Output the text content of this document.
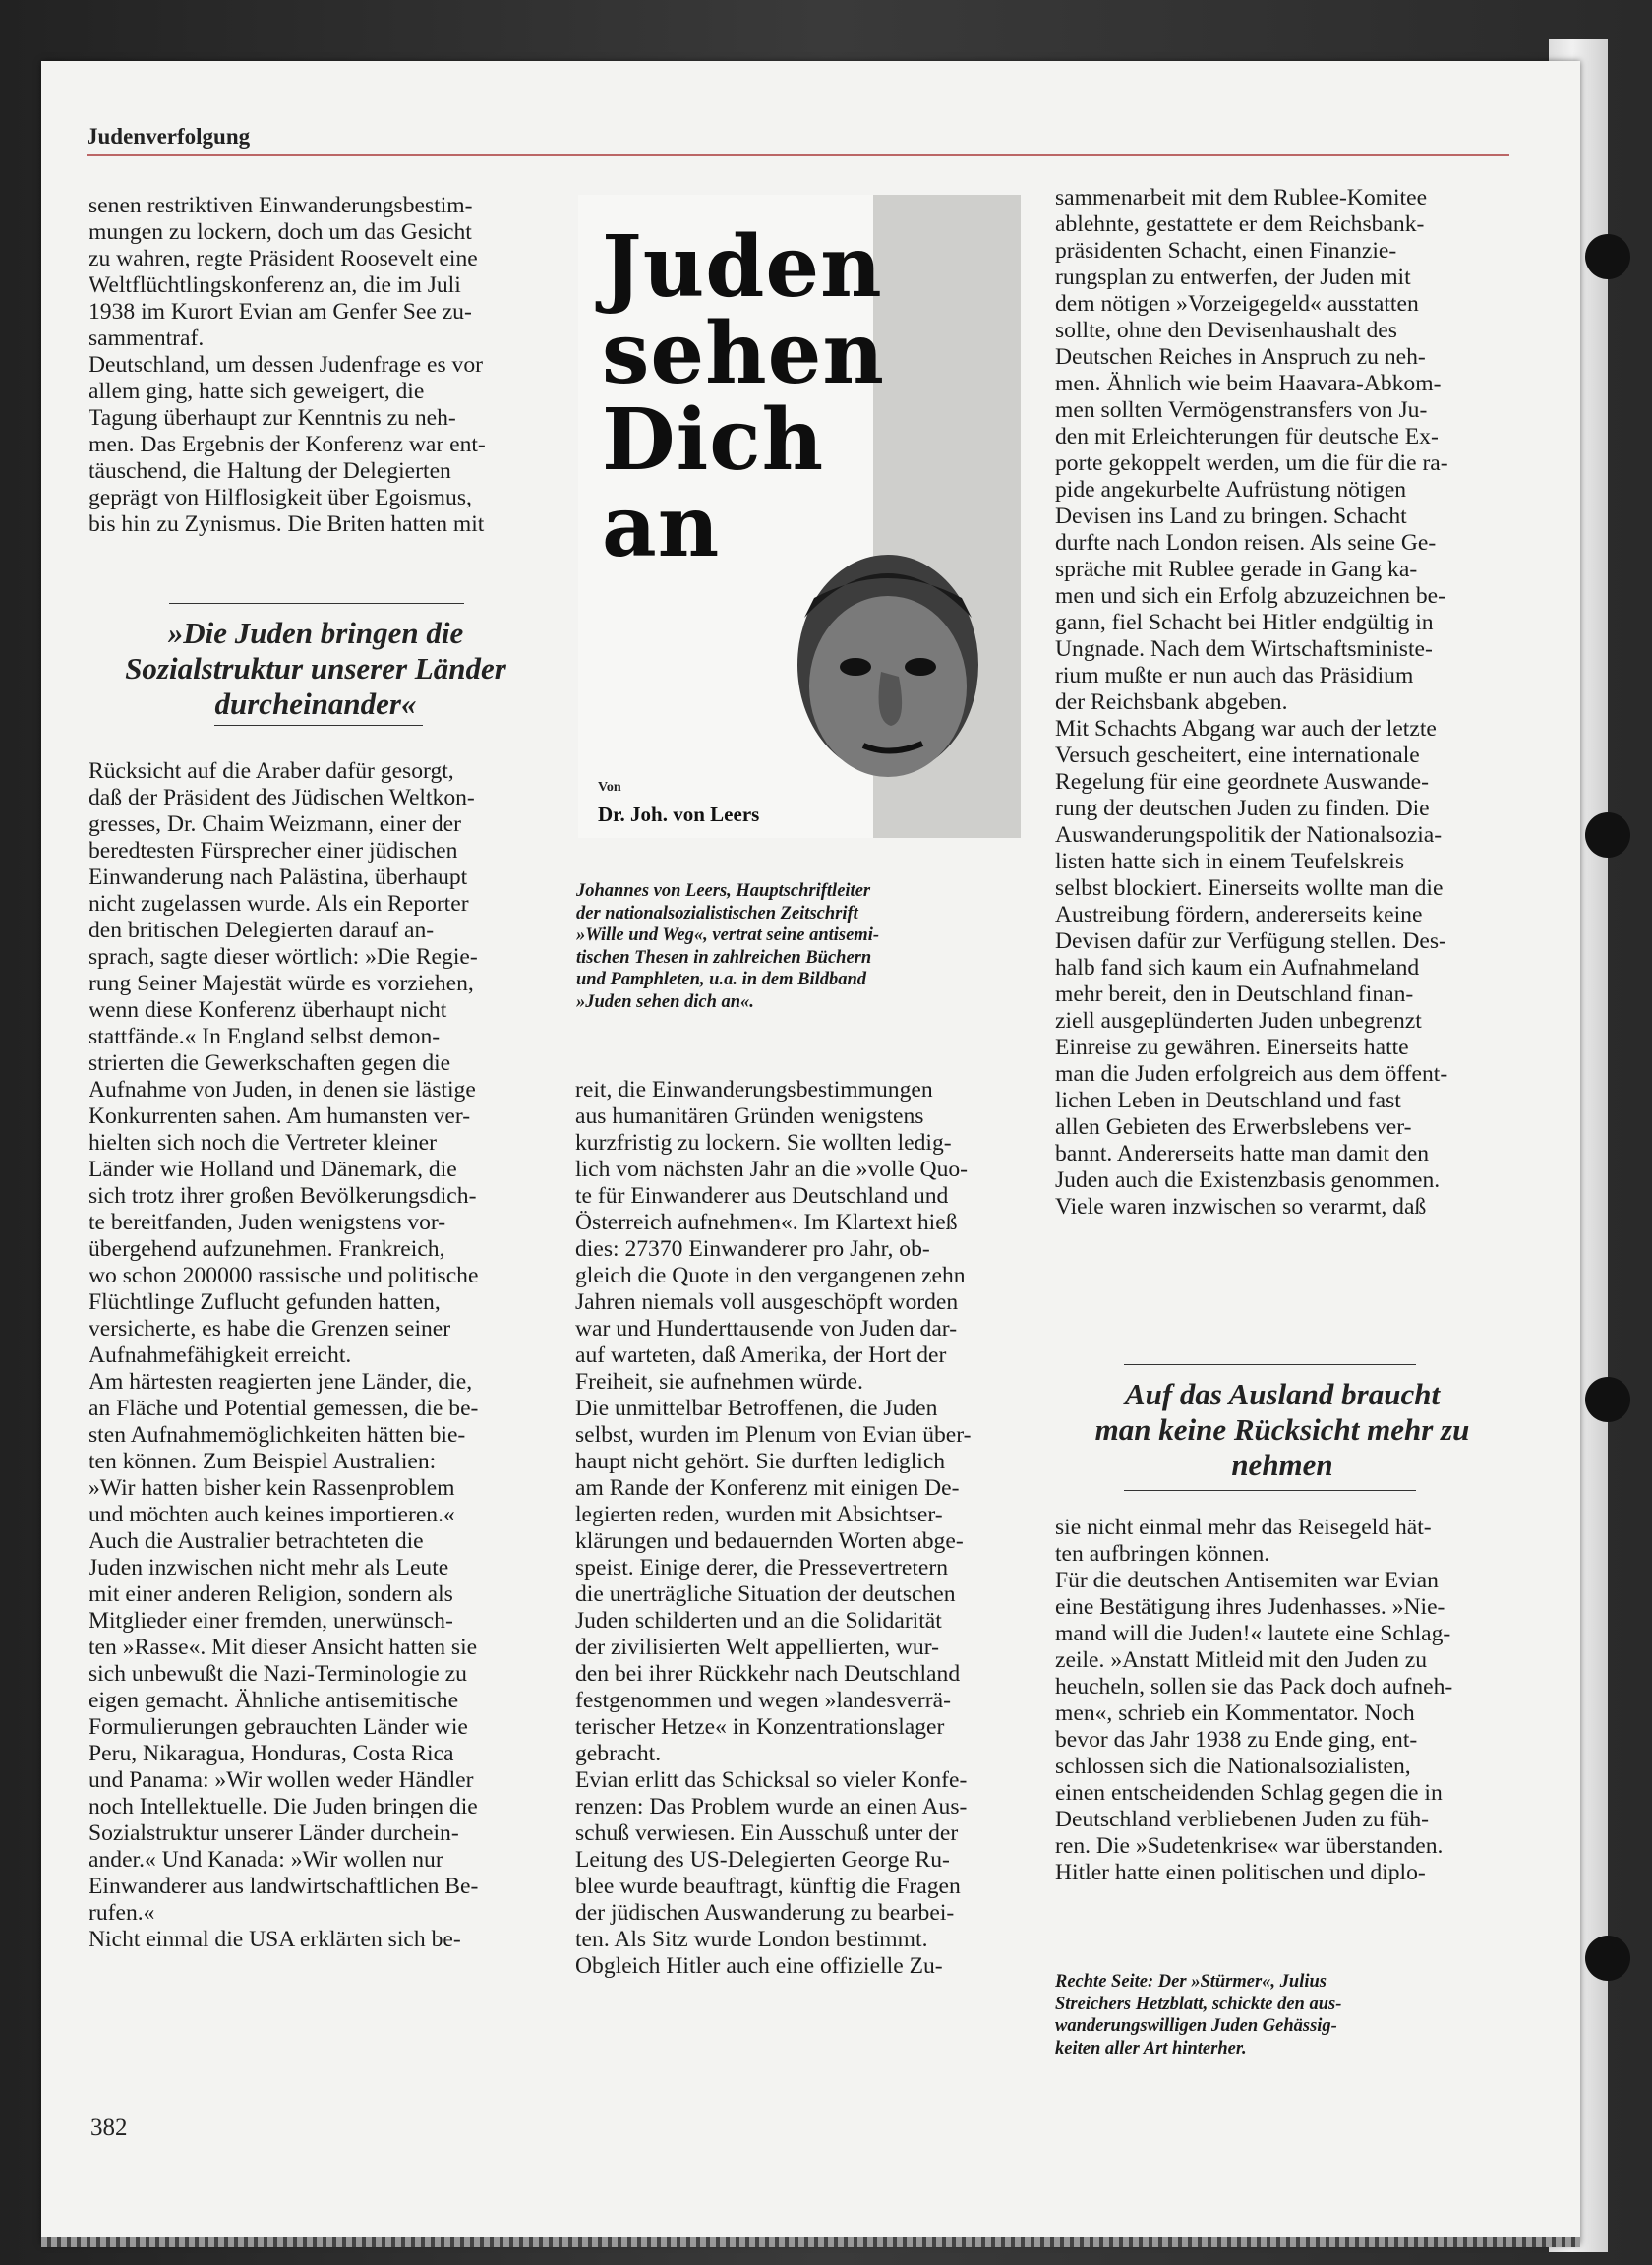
Judenverfolgung

senen restriktiven Einwanderungsbestim-
mungen zu lockern, doch um das Gesicht
zu wahren, regte Präsident Roosevelt eine
Weltflüchtlingskonferenz an, die im Juli
1938 im Kurort Evian am Genfer See zu-
sammentraf.
Deutschland, um dessen Judenfrage es vor
allem ging, hatte sich geweigert, die
Tagung überhaupt zur Kenntnis zu neh-
men. Das Ergebnis der Konferenz war ent-
täuschend, die Haltung der Delegierten
geprägt von Hilflosigkeit über Egoismus,
bis hin zu Zynismus. Die Briten hatten mit

»Die Juden bringen die
Sozialstruktur unserer Länder
durcheinander«

Rücksicht auf die Araber dafür gesorgt,
daß der Präsident des Jüdischen Weltkon-
gresses, Dr. Chaim Weizmann, einer der
beredtesten Fürsprecher einer jüdischen
Einwanderung nach Palästina, überhaupt
nicht zugelassen wurde. Als ein Reporter
den britischen Delegierten darauf an-
sprach, sagte dieser wörtlich: »Die Regie-
rung Seiner Majestät würde es vorziehen,
wenn diese Konferenz überhaupt nicht
stattfände.« In England selbst demon-
strierten die Gewerkschaften gegen die
Aufnahme von Juden, in denen sie lästige
Konkurrenten sahen. Am humansten ver-
hielten sich noch die Vertreter kleiner
Länder wie Holland und Dänemark, die
sich trotz ihrer großen Bevölkerungsdich-
te bereitfanden, Juden wenigstens vor-
übergehend aufzunehmen. Frankreich,
wo schon 200000 rassische und politische
Flüchtlinge Zuflucht gefunden hatten,
versicherte, es habe die Grenzen seiner
Aufnahmefähigkeit erreicht.
Am härtesten reagierten jene Länder, die,
an Fläche und Potential gemessen, die be-
sten Aufnahmemöglichkeiten hätten bie-
ten können. Zum Beispiel Australien:
»Wir hatten bisher kein Rassenproblem
und möchten auch keines importieren.«
Auch die Australier betrachteten die
Juden inzwischen nicht mehr als Leute
mit einer anderen Religion, sondern als
Mitglieder einer fremden, unerwünsch-
ten »Rasse«. Mit dieser Ansicht hatten sie
sich unbewußt die Nazi-Terminologie zu
eigen gemacht. Ähnliche antisemitische
Formulierungen gebrauchten Länder wie
Peru, Nikaragua, Honduras, Costa Rica
und Panama: »Wir wollen weder Händler
noch Intellektuelle. Die Juden bringen die
Sozialstruktur unserer Länder durchein-
ander.« Und Kanada: »Wir wollen nur
Einwanderer aus landwirtschaftlichen Be-
rufen.«
Nicht einmal die USA erklärten sich be-

Juden
sehen
Dich
an
Von
Dr. Joh. von Leers
Johannes von Leers, Hauptschriftleiter
der nationalsozialistischen Zeitschrift
»Wille und Weg«, vertrat seine antisemi-
tischen Thesen in zahlreichen Büchern
und Pamphleten, u.a. in dem Bildband
»Juden sehen dich an«.

reit, die Einwanderungsbestimmungen
aus humanitären Gründen wenigstens
kurzfristig zu lockern. Sie wollten ledig-
lich vom nächsten Jahr an die »volle Quo-
te für Einwanderer aus Deutschland und
Österreich aufnehmen«. Im Klartext hieß
dies: 27370 Einwanderer pro Jahr, ob-
gleich die Quote in den vergangenen zehn
Jahren niemals voll ausgeschöpft worden
war und Hunderttausende von Juden dar-
auf warteten, daß Amerika, der Hort der
Freiheit, sie aufnehmen würde.
Die unmittelbar Betroffenen, die Juden
selbst, wurden im Plenum von Evian über-
haupt nicht gehört. Sie durften lediglich
am Rande der Konferenz mit einigen De-
legierten reden, wurden mit Absichtser-
klärungen und bedauernden Worten abge-
speist. Einige derer, die Pressevertretern
die unerträgliche Situation der deutschen
Juden schilderten und an die Solidarität
der zivilisierten Welt appellierten, wur-
den bei ihrer Rückkehr nach Deutschland
festgenommen und wegen »landesverrä-
terischer Hetze« in Konzentrationslager
gebracht.
Evian erlitt das Schicksal so vieler Konfe-
renzen: Das Problem wurde an einen Aus-
schuß verwiesen. Ein Ausschuß unter der
Leitung des US-Delegierten George Ru-
blee wurde beauftragt, künftig die Fragen
der jüdischen Auswanderung zu bearbei-
ten. Als Sitz wurde London bestimmt.
Obgleich Hitler auch eine offizielle Zu-

sammenarbeit mit dem Rublee-Komitee
ablehnte, gestattete er dem Reichsbank-
präsidenten Schacht, einen Finanzie-
rungsplan zu entwerfen, der Juden mit
dem nötigen »Vorzeigegeld« ausstatten
sollte, ohne den Devisenhaushalt des
Deutschen Reiches in Anspruch zu neh-
men. Ähnlich wie beim Haavara-Abkom-
men sollten Vermögenstransfers von Ju-
den mit Erleichterungen für deutsche Ex-
porte gekoppelt werden, um die für die ra-
pide angekurbelte Aufrüstung nötigen
Devisen ins Land zu bringen. Schacht
durfte nach London reisen. Als seine Ge-
spräche mit Rublee gerade in Gang ka-
men und sich ein Erfolg abzuzeichnen be-
gann, fiel Schacht bei Hitler endgültig in
Ungnade. Nach dem Wirtschaftsministe-
rium mußte er nun auch das Präsidium
der Reichsbank abgeben.
Mit Schachts Abgang war auch der letzte
Versuch gescheitert, eine internationale
Regelung für eine geordnete Auswande-
rung der deutschen Juden zu finden. Die
Auswanderungspolitik der Nationalsozia-
listen hatte sich in einem Teufelskreis
selbst blockiert. Einerseits wollte man die
Austreibung fördern, andererseits keine
Devisen dafür zur Verfügung stellen. Des-
halb fand sich kaum ein Aufnahmeland
mehr bereit, den in Deutschland finan-
ziell ausgeplünderten Juden unbegrenzt
Einreise zu gewähren. Einerseits hatte
man die Juden erfolgreich aus dem öffent-
lichen Leben in Deutschland und fast
allen Gebieten des Erwerbslebens ver-
bannt. Andererseits hatte man damit den
Juden auch die Existenzbasis genommen.
Viele waren inzwischen so verarmt, daß

Auf das Ausland braucht
man keine Rücksicht mehr zu
nehmen

sie nicht einmal mehr das Reisegeld hät-
ten aufbringen können.
Für die deutschen Antisemiten war Evian
eine Bestätigung ihres Judenhasses. »Nie-
mand will die Juden!« lautete eine Schlag-
zeile. »Anstatt Mitleid mit den Juden zu
heucheln, sollen sie das Pack doch aufneh-
men«, schrieb ein Kommentator. Noch
bevor das Jahr 1938 zu Ende ging, ent-
schlossen sich die Nationalsozialisten,
einen entscheidenden Schlag gegen die in
Deutschland verbliebenen Juden zu füh-
ren. Die »Sudetenkrise« war überstanden.
Hitler hatte einen politischen und diplo-

Rechte Seite: Der »Stürmer«, Julius
Streichers Hetzblatt, schickte den aus-
wanderungswilligen Juden Gehässig-
keiten aller Art hinterher.
382
